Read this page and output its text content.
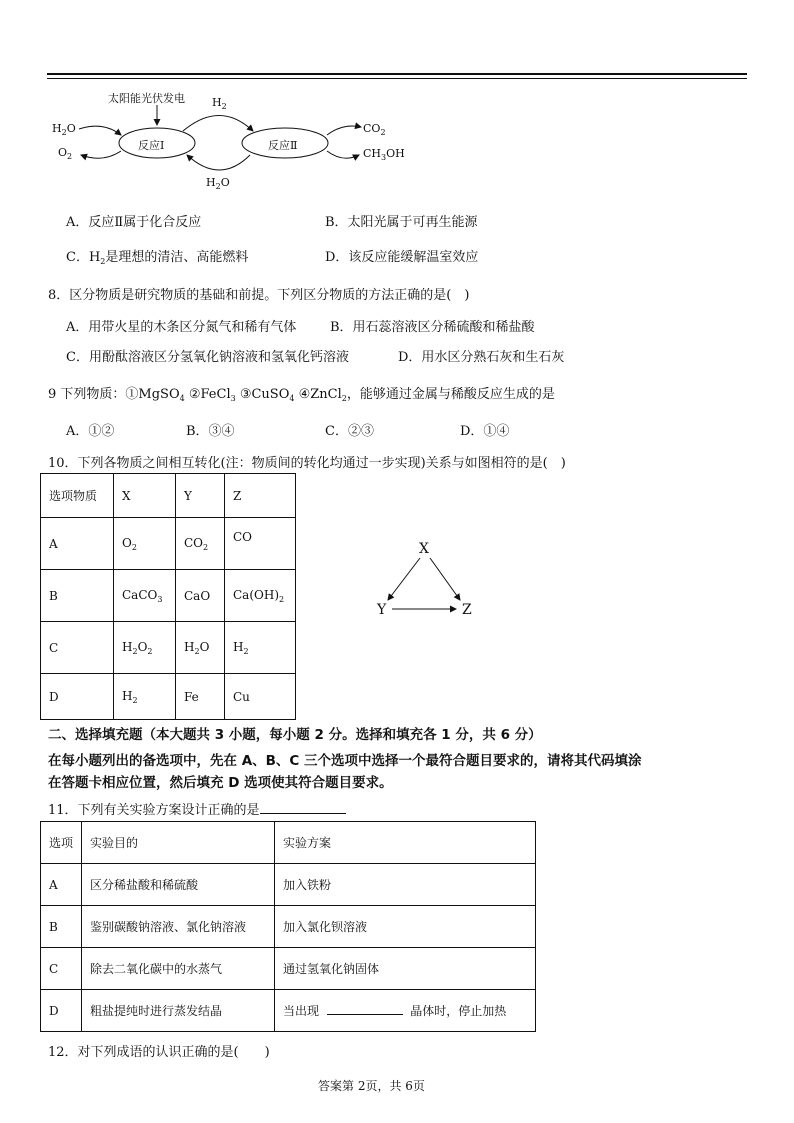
太阳能光伏发电 $H_2$
$H_2O$
$H_2O$
$O_2$
反应Ⅰ	反应Ⅱ
$CO_2$
$CH_3OH$
A．反应Ⅱ属于化合反应	B．太阳光属于可再生能源
C．$H_2$是理想的清洁、高能燃料	D．该反应能缓解温室效应
8．区分物质是研究物质的基础和前提。下列区分物质的方法正确的是(　)
A．用带火星的木条区分氮气和稀有气体	B．用石蕊溶液区分稀硫酸和稀盐酸
C．用酚酞溶液区分氢氧化钠溶液和氢氧化钙溶液	D．用水区分熟石灰和生石灰
9 下列物质：①MgSO$_4$ ②FeCl$_3$ ③CuSO$_4$ ④ZnCl$_2$，能够通过金属与稀酸反应生成的是
A．①②	B．③④	C．②③	D．①④
10．下列各物质之间相互转化(注：物质间的转化均通过一步实现)关系与如图相符的是(　)
选项物质	X	Y	Z
A	$O_2$	$CO_2$	CO
B	CaCO$_3$	CaO	$Ca(OH)_2$
C	$H_2O_2$	$H_2O$	$H_2$
D	$H_2$	Fe	Cu
X
Y	Z
二、选择填充题（本大题共 3 小题，每小题 2 分。选择和填充各 1 分，共 6 分）
在每小题列出的备选项中，先在 A、B、C 三个选项中选择一个最符合题目要求的，请将其代码填涂
在答题卡相应位置，然后填充 D 选项使其符合题目要求。
11．下列有关实验方案设计正确的是
选项	实验目的	实验方案
A	区分稀盐酸和稀硫酸	加入铁粉
B	鉴别碳酸钠溶液、氯化钠溶液	加入氯化钡溶液
C	除去二氧化碳中的水蒸气	通过氢氧化钠固体
D	粗盐提纯时进行蒸发结晶	当出现 晶体时，停止加热
12．对下列成语的认识正确的是(　　)
答案第 2页，共 6页
